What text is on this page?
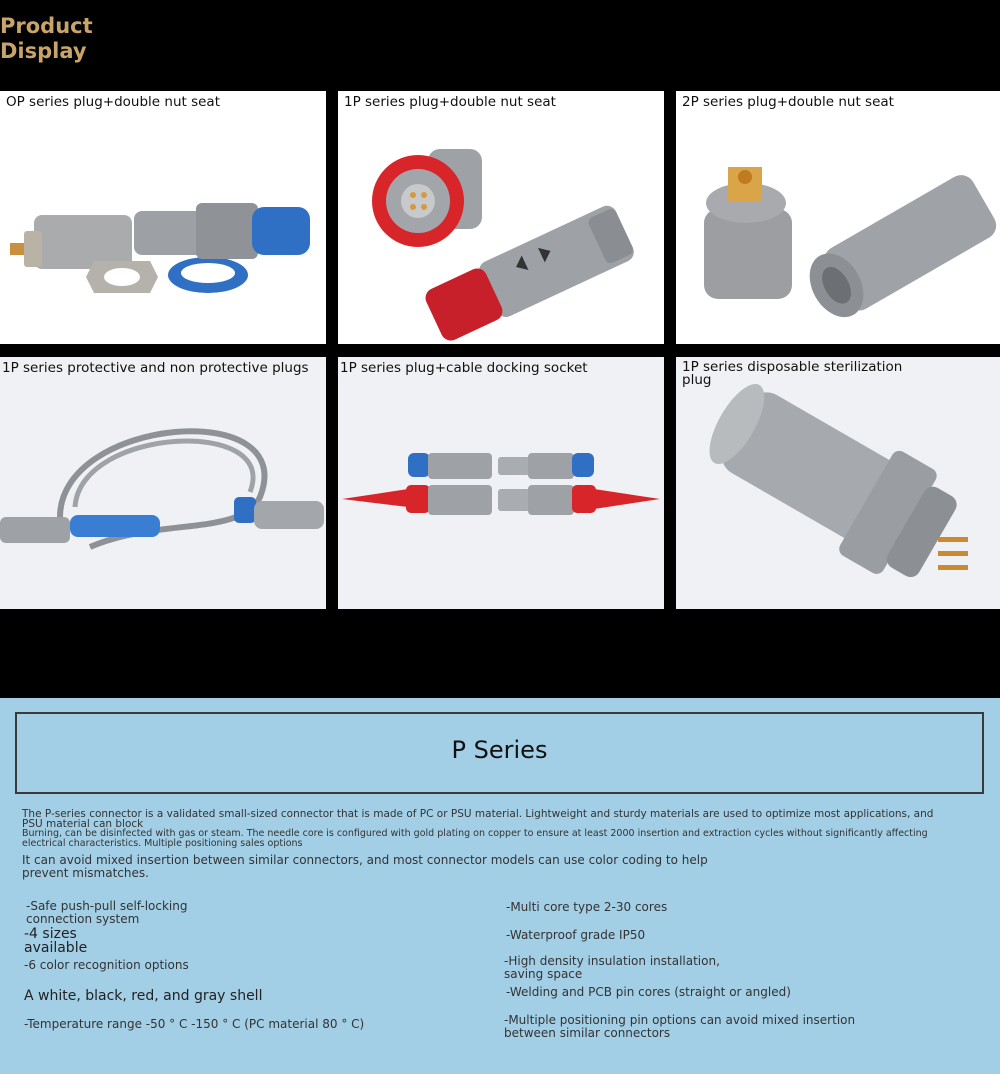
Product
Display
OP series plug+double nut seat	1P series plug+double nut seat	2P series plug+double nut seat
1P series protective and non protective plugs 1P series plug+cable docking socket	1P series disposable sterilization plug
P Series
The P-series connector is a validated small-sized connector that is made of PC or PSU material. Lightweight and sturdy materials are used to optimize most applications, and
PSU material can block
Burning, can be disinfected with gas or steam. The needle core is configured with gold plating on copper to ensure at least 2000 insertion and extraction cycles without significantly affecting
electrical characteristics. Multiple positioning sales options
It can avoid mixed insertion between similar connectors, and most connector models can use color coding to help
prevent mismatches.
-Safe push-pull self-locking connection system
-4 sizes available
-6 color recognition options
A white, black, red, and gray shell
-Temperature range -50 ° C -150 ° C (PC material 80 ° C)
-Multi core type 2-30 cores
-Waterproof grade IP50
-High density insulation installation, saving space
-Welding and PCB pin cores (straight or angled)
-Multiple positioning pin options can avoid mixed insertion between similar connectors
